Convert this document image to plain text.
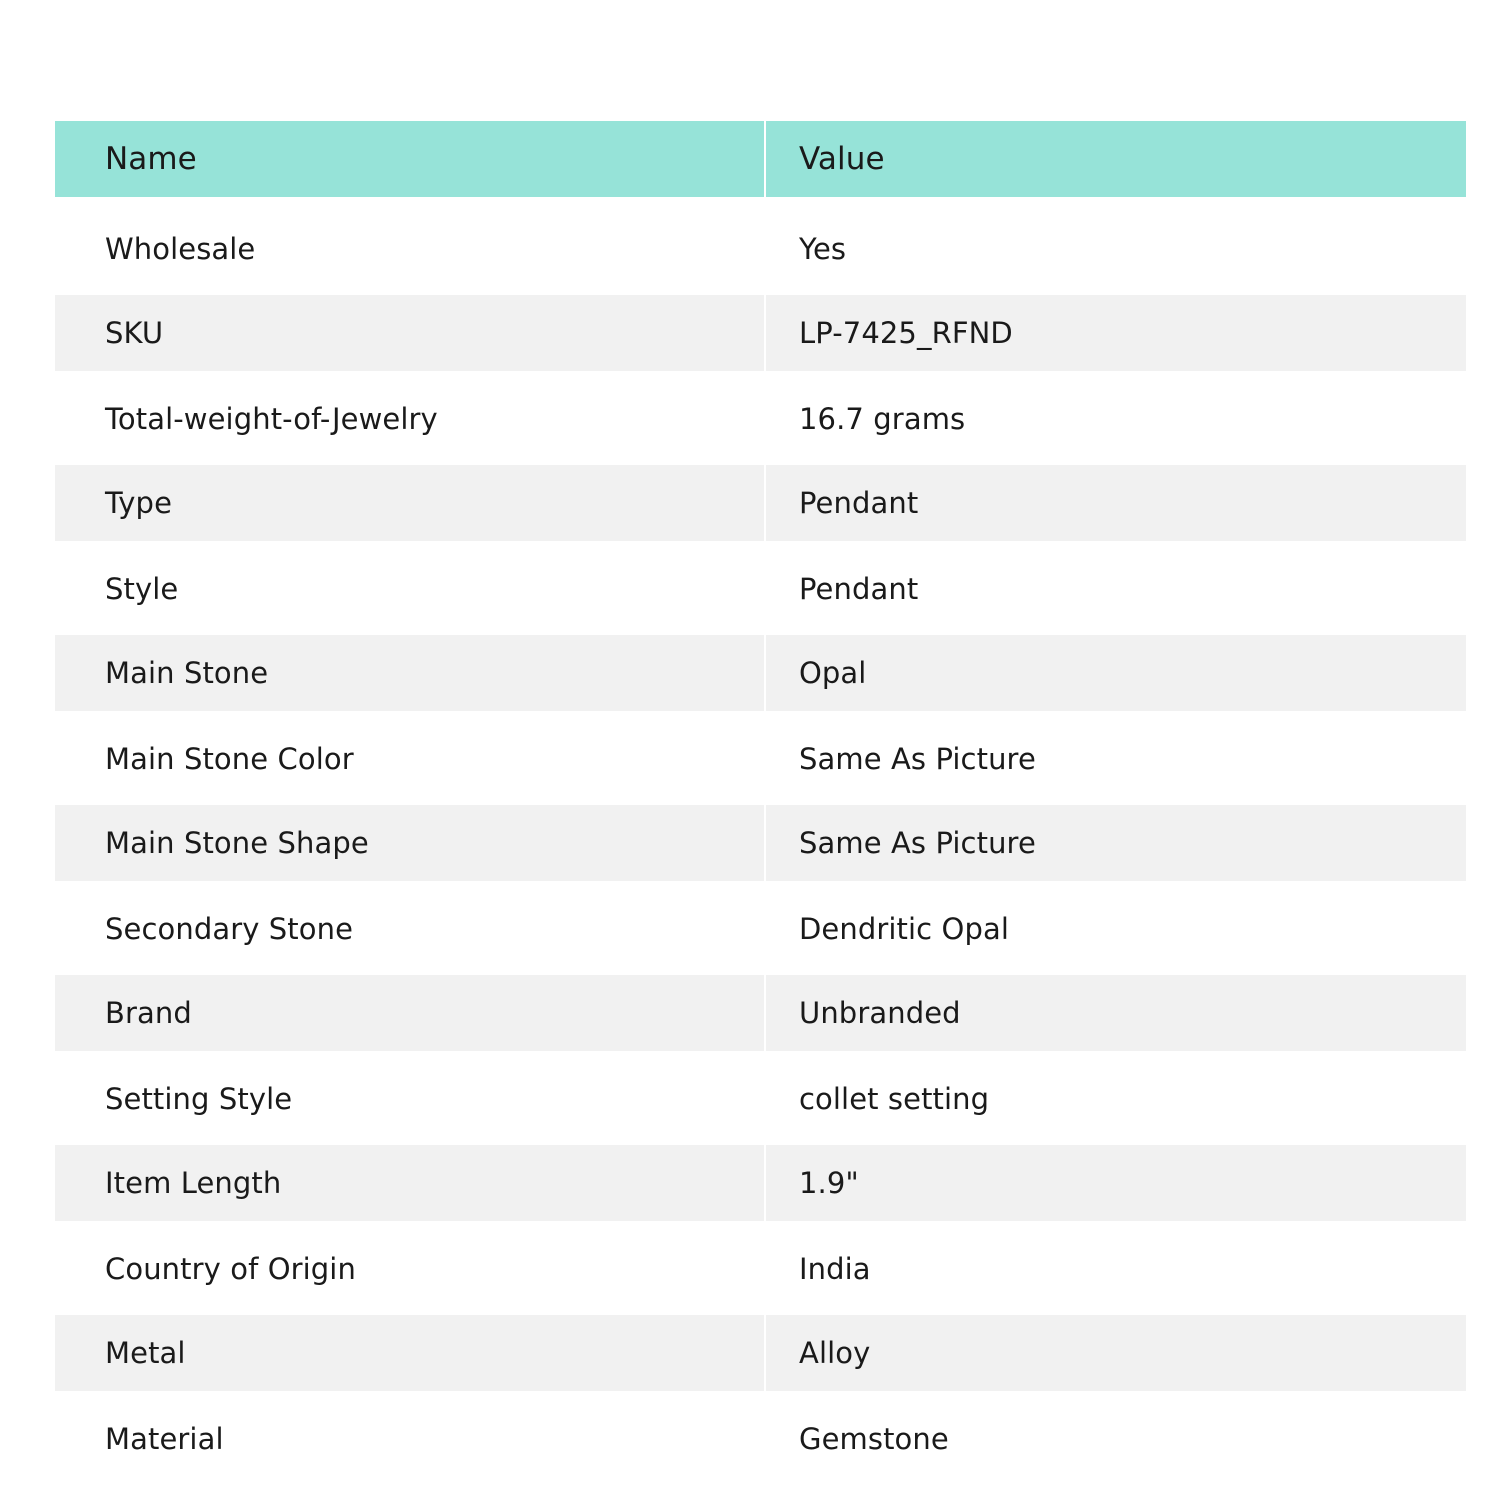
Name	Value
Wholesale	Yes
SKU	LP-7425_RFND
Total-weight-of-Jewelry	16.7 grams
Type	Pendant
Style	Pendant
Main Stone	Opal
Main Stone Color	Same As Picture
Main Stone Shape	Same As Picture
Secondary Stone	Dendritic Opal
Brand	Unbranded
Setting Style	collet setting
Item Length	1.9"
Country of Origin	India
Metal	Alloy
Material	Gemstone
